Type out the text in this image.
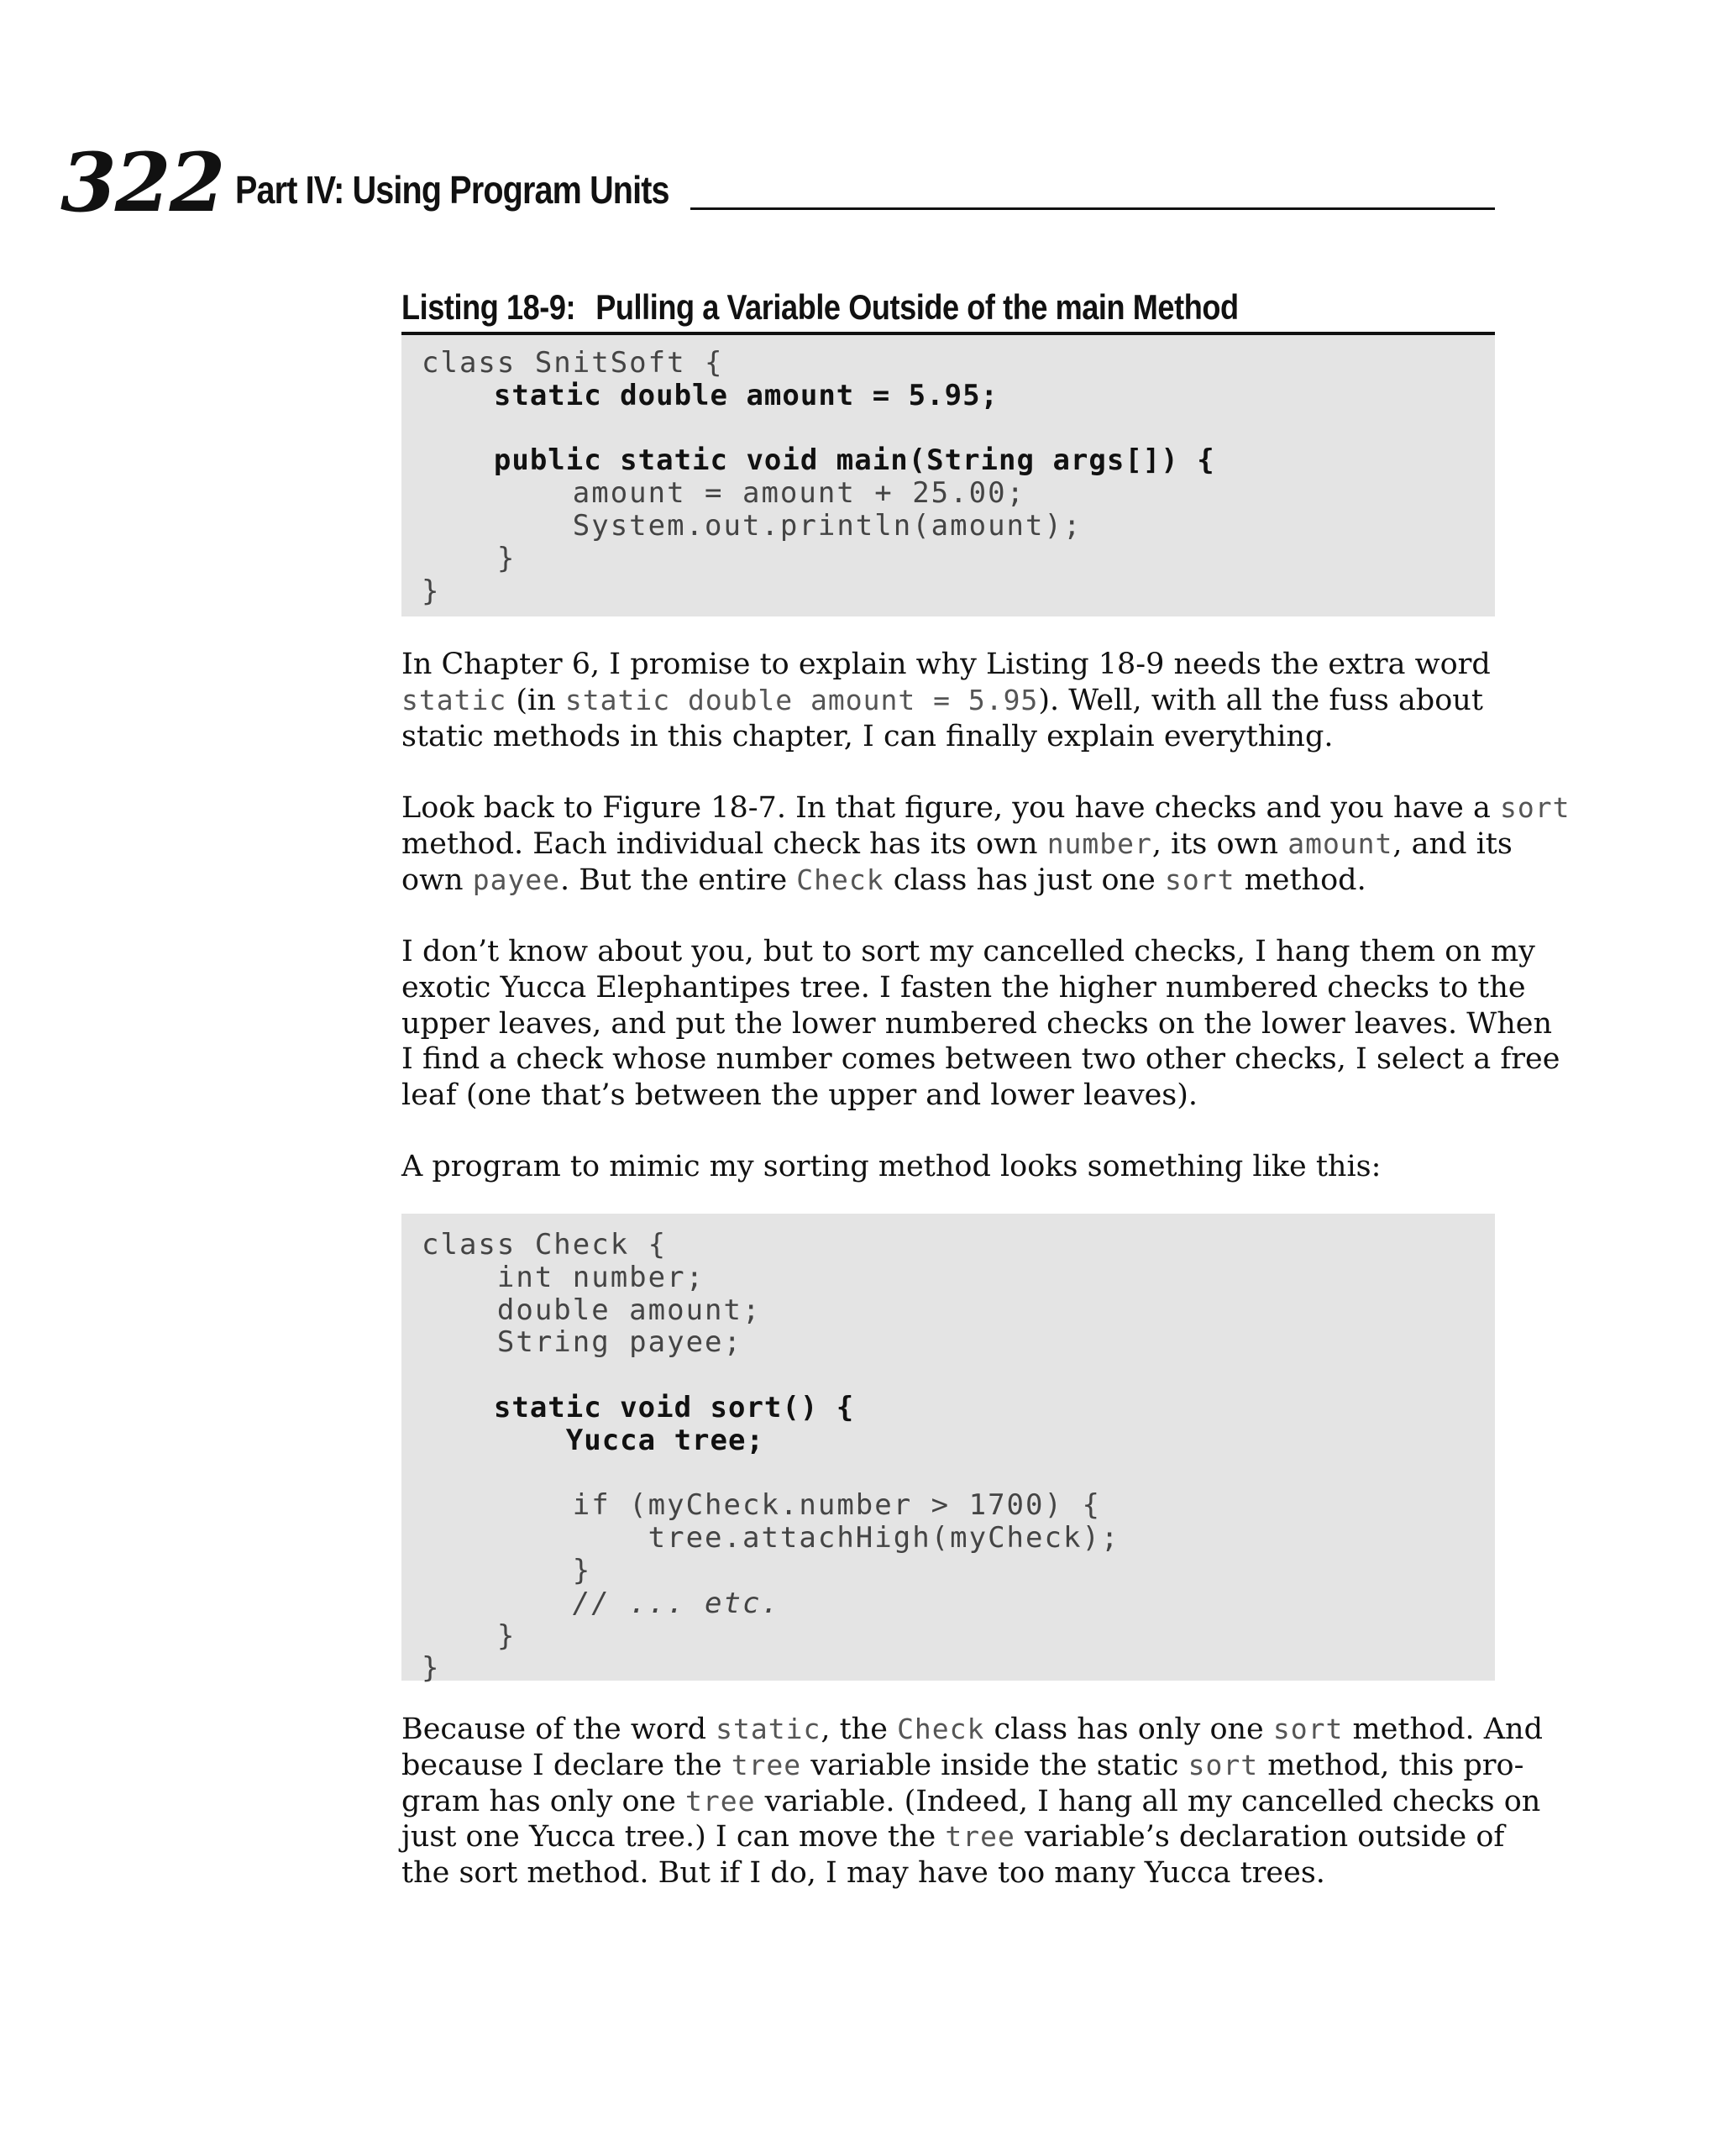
322 Part IV: Using Program Units
Listing 18-9: Pulling a Variable Outside of the main Method
class SnitSoft {
static double amount = 5.95;
public static void main(String args[]) {
amount = amount + 25.00;
System.out.println(amount);
}
}
In Chapter 6, I promise to explain why Listing 18-9 needs the extra word
static (in static double amount = 5.95). Well, with all the fuss about
static methods in this chapter, I can finally explain everything.
Look back to Figure 18-7. In that figure, you have checks and you have a sort
method. Each individual check has its own number, its own amount, and its
own payee. But the entire Check class has just one sort method.
I don’t know about you, but to sort my cancelled checks, I hang them on my
exotic Yucca Elephantipes tree. I fasten the higher numbered checks to the
upper leaves, and put the lower numbered checks on the lower leaves. When
I find a check whose number comes between two other checks, I select a free
leaf (one that’s between the upper and lower leaves).
A program to mimic my sorting method looks something like this:
class Check {
int number;
double amount;
String payee;
static void sort() {
Yucca tree;
if (myCheck.number > 1700) {
tree.attachHigh(myCheck);
}
// ... etc.
}
}
Because of the word static, the Check class has only one sort method. And
because I declare the tree variable inside the static sort method, this pro-
gram has only one tree variable. (Indeed, I hang all my cancelled checks on
just one Yucca tree.) I can move the tree variable’s declaration outside of
the sort method. But if I do, I may have too many Yucca trees.
